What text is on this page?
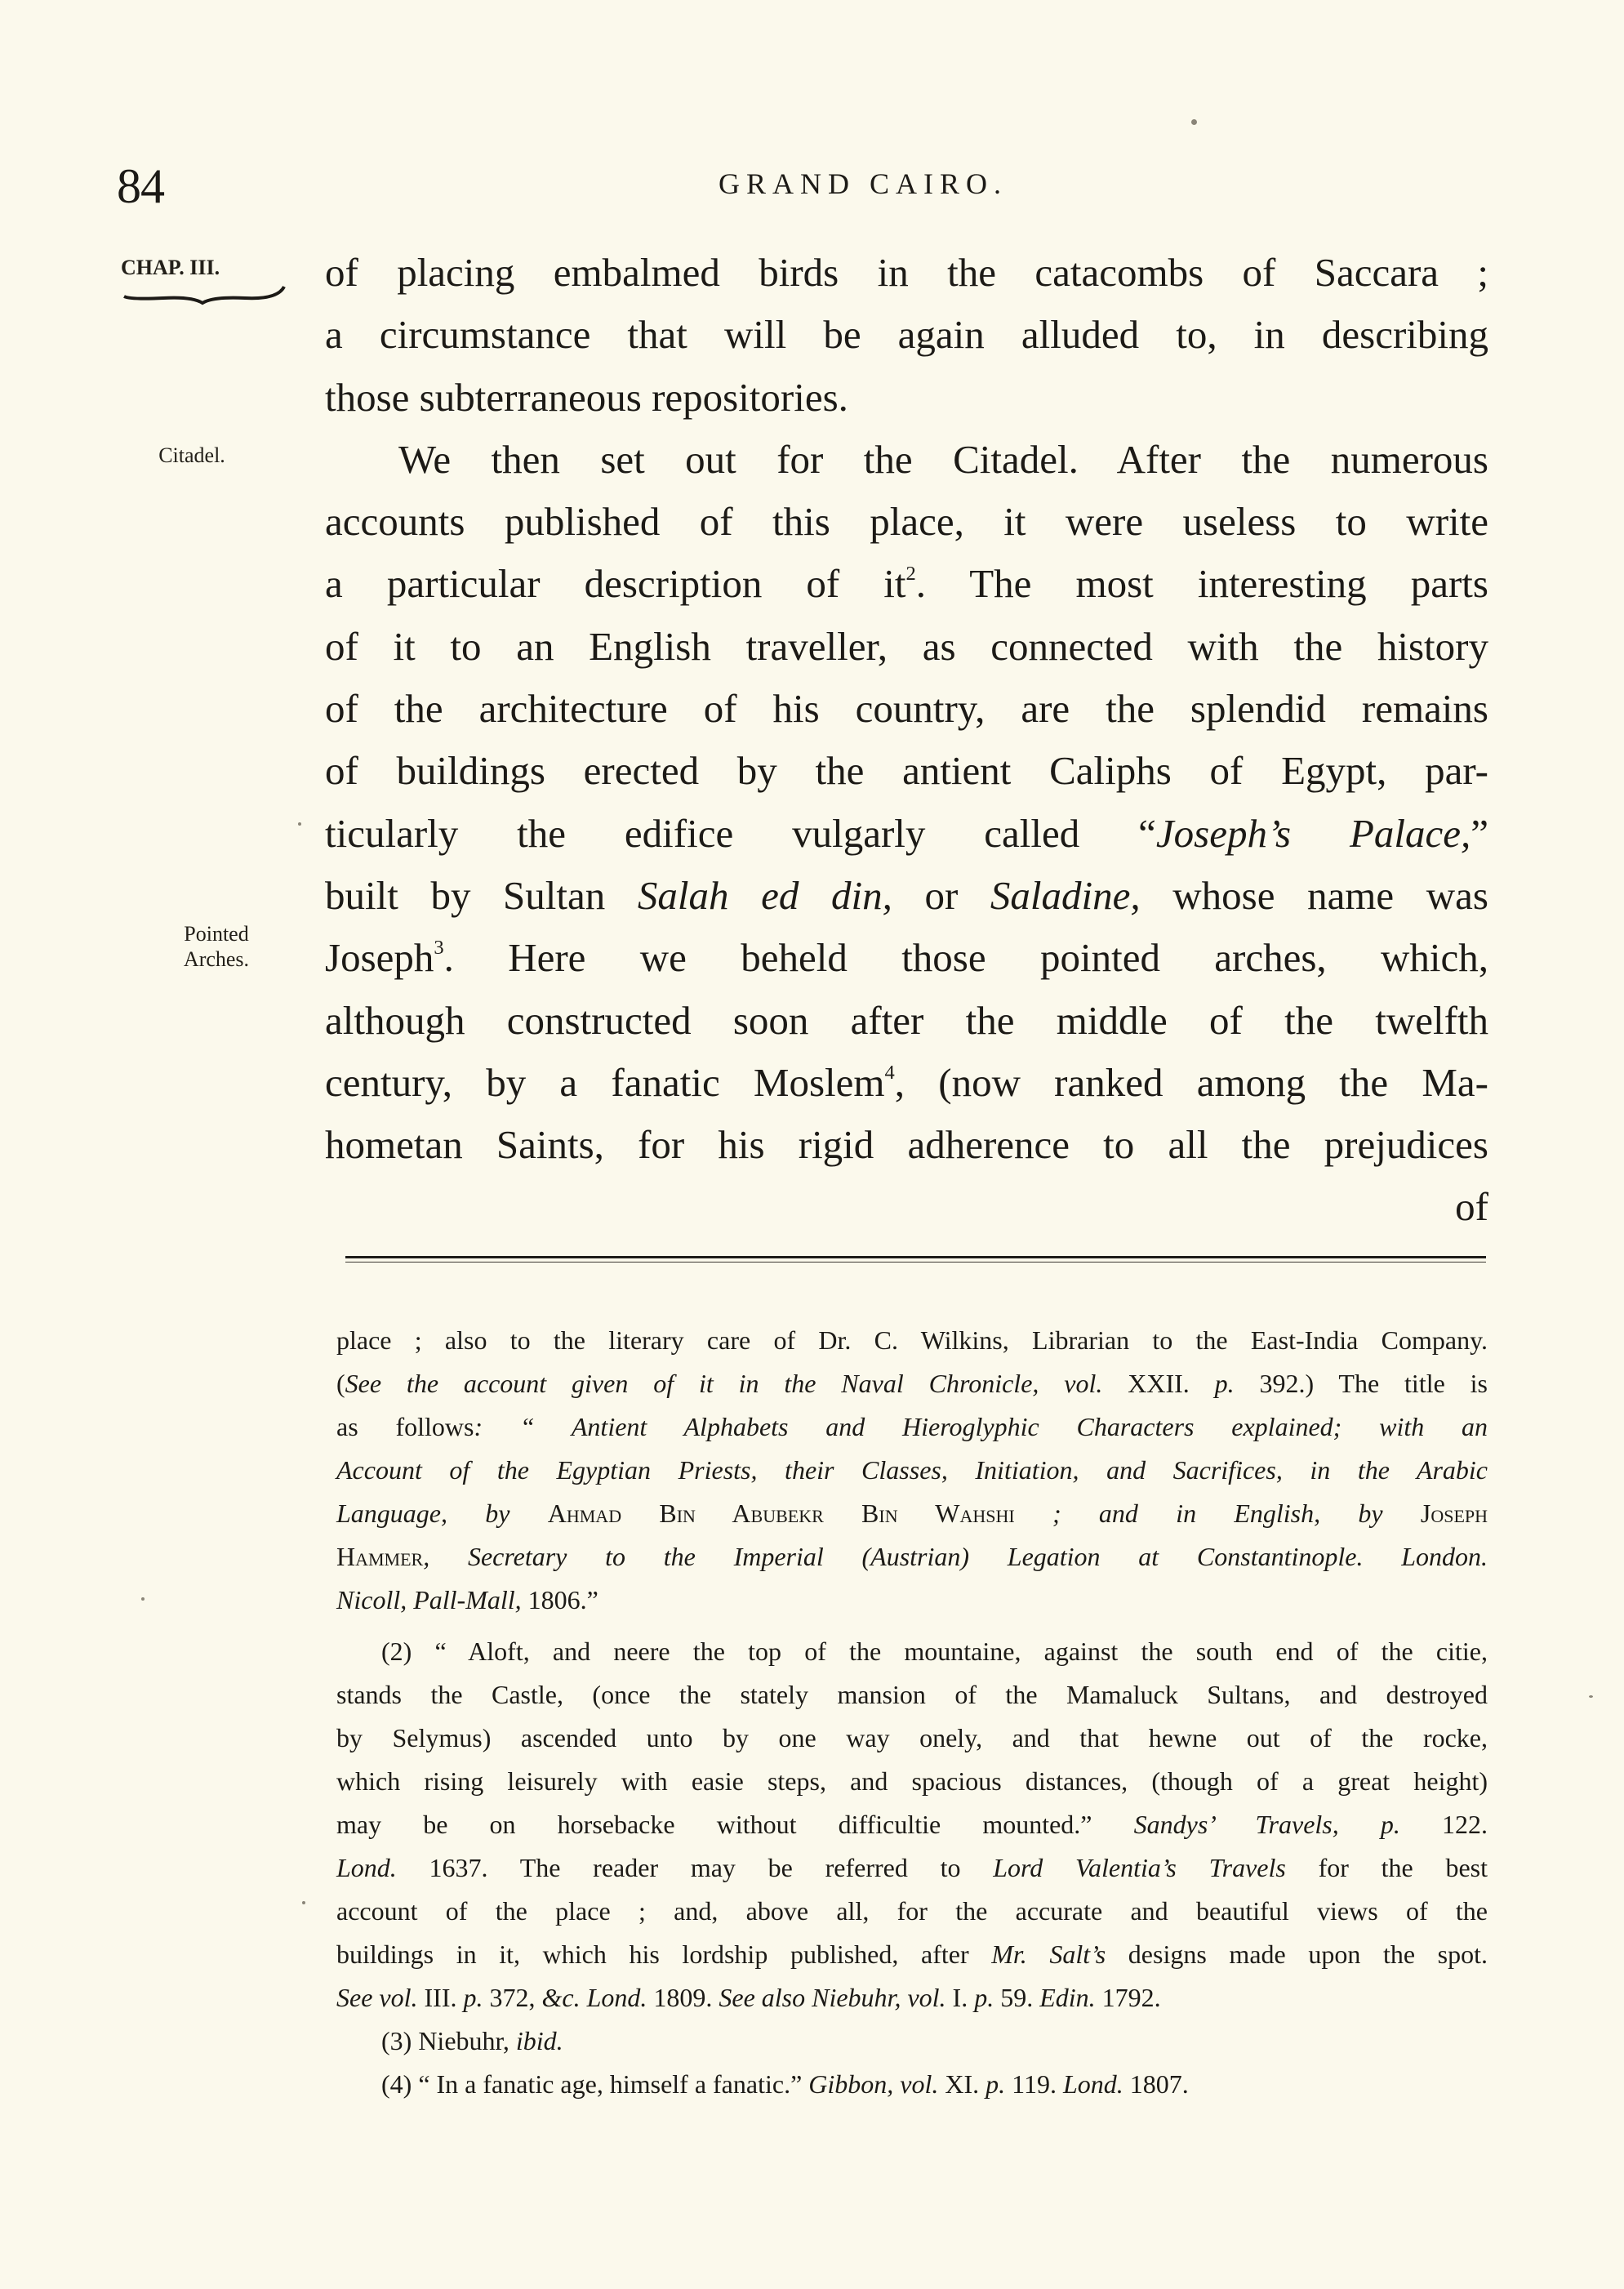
84	GRAND CAIRO.
CHAP. III.
Citadel.
Pointed
Arches.
of placing embalmed birds in the catacombs of Saccara ;
a circumstance that will be again alluded to, in describing
those subterraneous repositories.
We then set out for the Citadel. After the numerous
accounts published of this place, it were useless to write
a particular description of $it^2$. The most interesting parts
of it to an English traveller, as connected with the history
of the architecture of his country, are the splendid remains
of buildings erected by the antient Caliphs of Egypt, par-
ticularly the edifice vulgarly called “Joseph’s Palace,”
built by Sultan Salah ed din, or Saladine, whose name was
Joseph$^3$. Here we beheld those pointed arches, which,
although constructed soon after the middle of the twelfth
century, by a fanatic Moslem$^4$, (now ranked among the Ma-
hometan Saints, for his rigid adherence to all the prejudices
of
place ; also to the literary care of Dr. C. Wilkins, Librarian to the East-India Company.
(See the account given of it in the Naval Chronicle, vol. XXII. p. 392.) The title is
as follows: “ Antient Alphabets and Hieroglyphic Characters explained; with an
Account of the Egyptian Priests, their Classes, Initiation, and Sacrifices, in the Arabic
Language, by Ahmad Bin Abubekr Bin Wahshi ; and in English, by Joseph
Hammer, Secretary to the Imperial (Austrian) Legation at Constantinople. London.
Nicoll, Pall-Mall, 1806.”
(2) “ Aloft, and neere the top of the mountaine, against the south end of the citie,
stands the Castle, (once the stately mansion of the Mamaluck Sultans, and destroyed
by Selymus) ascended unto by one way onely, and that hewne out of the rocke,
which rising leisurely with easie steps, and spacious distances, (though of a great height)
may be on horsebacke without difficultie mounted.” Sandys’ Travels, p. 122.
Lond. 1637. The reader may be referred to Lord Valentia’s Travels for the best
account of the place ; and, above all, for the accurate and beautiful views of the
buildings in it, which his lordship published, after Mr. Salt’s designs made upon the spot.
See vol. III. p. 372, &c. Lond. 1809. See also Niebuhr, vol. I. p. 59. Edin. 1792.
(3) Niebuhr, ibid.
(4) “ In a fanatic age, himself a fanatic.” Gibbon, vol. XI. p. 119. Lond. 1807.
